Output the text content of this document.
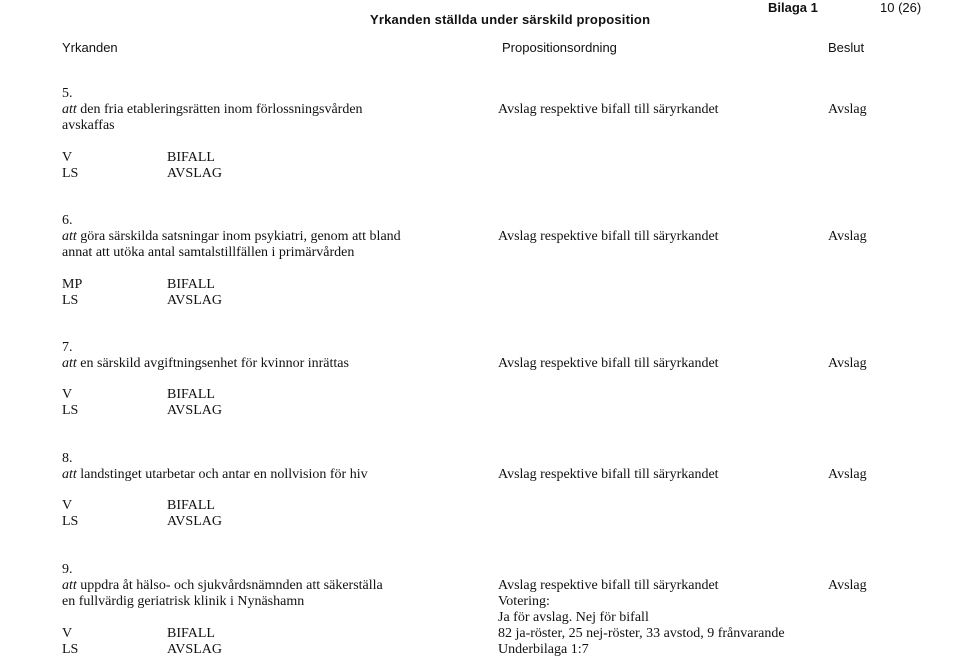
Bilaga 1	10 (26)
Yrkanden ställda under särskild proposition
Yrkanden	Propositionsordning	Beslut
5.
att den fria etableringsrätten inom förlossningsvården
avskaffas
Avslag respektive bifall till säryrkandet	Avslag
V	BIFALL
LS	AVSLAG
6.
att göra särskilda satsningar inom psykiatri, genom att bland
annat att utöka antal samtalstillfällen i primärvården
Avslag respektive bifall till säryrkandet	Avslag
MP	BIFALL
LS	AVSLAG
7.
att en särskild avgiftningsenhet för kvinnor inrättas	Avslag respektive bifall till säryrkandet	Avslag
V	BIFALL
LS	AVSLAG
8.
att landstinget utarbetar och antar en nollvision för hiv	Avslag respektive bifall till säryrkandet	Avslag
V	BIFALL
LS	AVSLAG
9.
att uppdra åt hälso- och sjukvårdsnämnden att säkerställa
en fullvärdig geriatrisk klinik i Nynäshamn
Avslag respektive bifall till säryrkandet	Avslag
Votering:
Ja för avslag. Nej för bifall
82 ja-röster, 25 nej-röster, 33 avstod, 9 frånvarande
Underbilaga 1:7
V	BIFALL
LS	AVSLAG
